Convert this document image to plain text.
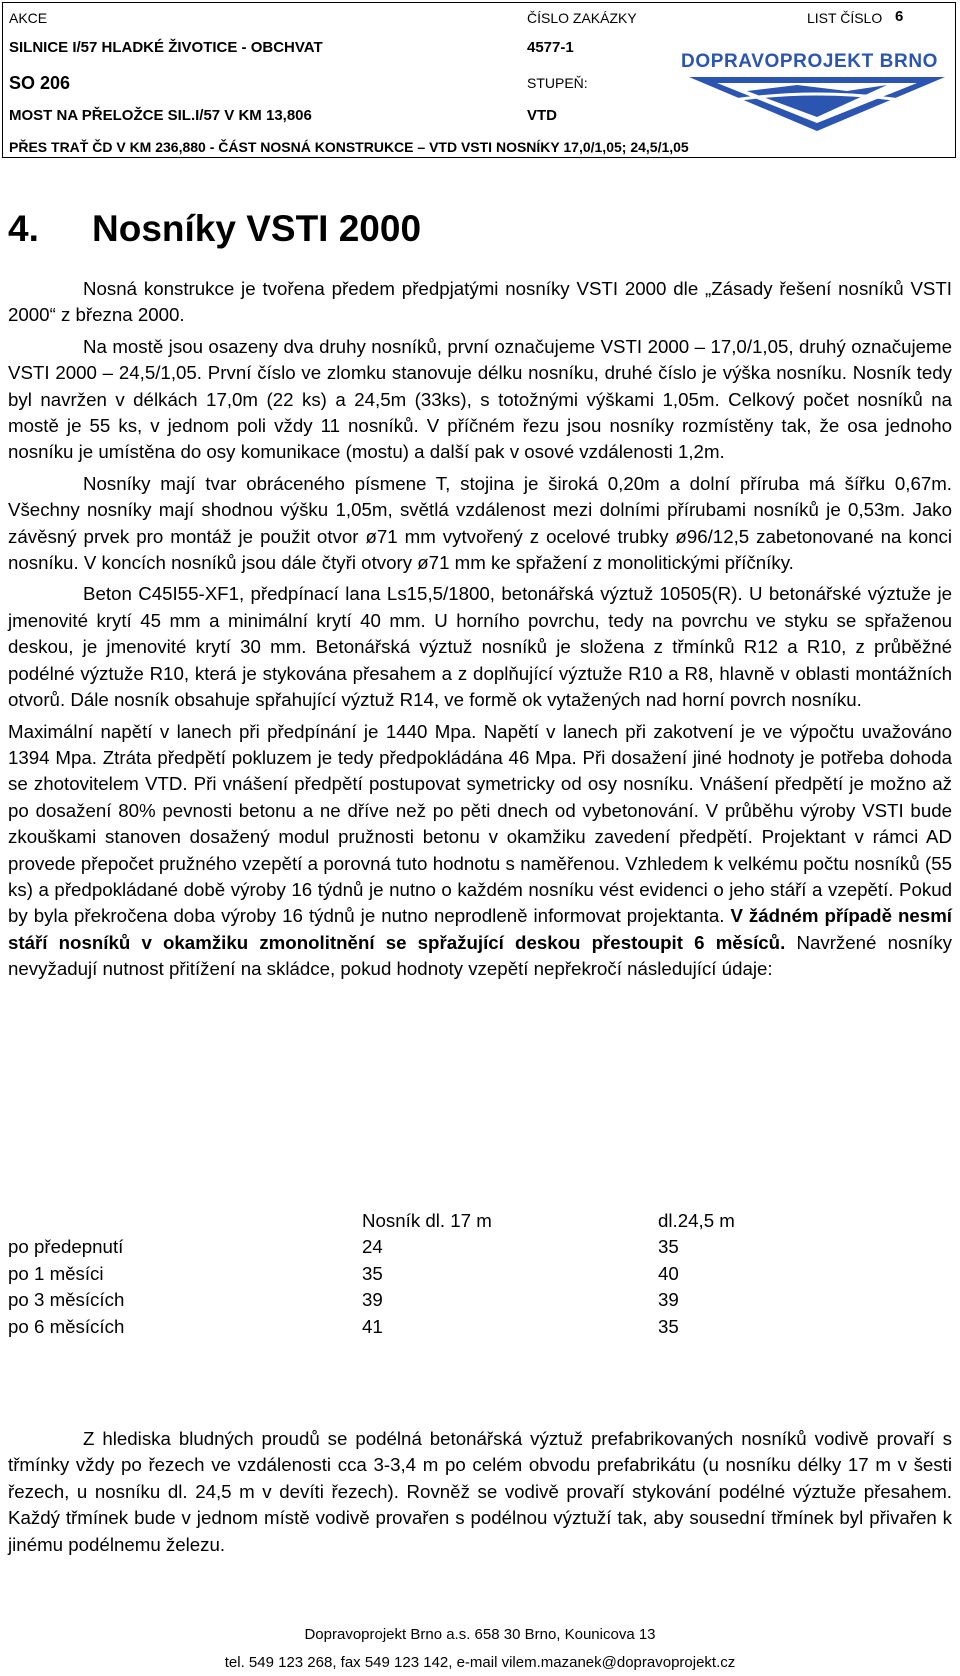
AKCE	ČÍSLO ZAKÁZKY	LIST ČÍSLO 6
SILNICE I/57 HLADKÉ ŽIVOTICE - OBCHVAT	4577-1
SO 206	STUPEŇ:
MOST NA PŘELOŽCE SIL.I/57 V KM 13,806	VTD
PŘES TRAŤ ČD V KM 236,880 - ČÁST NOSNÁ KONSTRUKCE – VTD VSTI NOSNÍKY 17,0/1,05; 24,5/1,05
DOPRAVOPROJEKT BRNO
4. Nosníky VSTI 2000

Nosná konstrukce je tvořena předem předpjatými nosníky VSTI 2000 dle „Zásady řešení nosníků VSTI 2000“ z března 2000.

Na mostě jsou osazeny dva druhy nosníků, první označujeme VSTI 2000 – 17,0/1,05, druhý označujeme VSTI 2000 – 24,5/1,05. První číslo ve zlomku stanovuje délku nosníku, druhé číslo je výška nosníku. Nosník tedy byl navržen v délkách 17,0m (22 ks) a 24,5m (33ks), s totožnými výškami 1,05m. Celkový počet nosníků na mostě je 55 ks, v jednom poli vždy 11 nosníků. V příčném řezu jsou nosníky rozmístěny tak, že osa jednoho nosníku je umístěna do osy komunikace (mostu) a další pak v osové vzdálenosti 1,2m.

Nosníky mají tvar obráceného písmene T, stojina je široká 0,20m a dolní příruba má šířku 0,67m. Všechny nosníky mají shodnou výšku 1,05m, světlá vzdálenost mezi dolními přírubami nosníků je 0,53m. Jako závěsný prvek pro montáž je použit otvor ø71 mm vytvořený z ocelové trubky ø96/12,5 zabetonované na konci nosníku. V koncích nosníků jsou dále čtyři otvory ø71 mm ke spřažení z monolitickými příčníky.

Beton C45I55-XF1, předpínací lana Ls15,5/1800, betonářská výztuž 10505(R). U betonářské výztuže je jmenovité krytí 45 mm a minimální krytí 40 mm. U horního povrchu, tedy na povrchu ve styku se spřaženou deskou, je jmenovité krytí 30 mm. Betonářská výztuž nosníků je složena z třmínků R12 a R10, z průběžné podélné výztuže R10, která je stykována přesahem a z doplňující výztuže R10 a R8, hlavně v oblasti montážních otvorů. Dále nosník obsahuje spřahující výztuž R14, ve formě ok vytažených nad horní povrch nosníku.

Maximální napětí v lanech při předpínání je 1440 Mpa. Napětí v lanech při zakotvení je ve výpočtu uvažováno 1394 Mpa. Ztráta předpětí pokluzem je tedy předpokládána 46 Mpa. Při dosažení jiné hodnoty je potřeba dohoda se zhotovitelem VTD. Při vnášení předpětí postupovat symetricky od osy nosníku. Vnášení předpětí je možno až po dosažení 80% pevnosti betonu a ne dříve než po pěti dnech od vybetonování. V průběhu výroby VSTI bude zkouškami stanoven dosažený modul pružnosti betonu v okamžiku zavedení předpětí. Projektant v rámci AD provede přepočet pružného vzepětí a porovná tuto hodnotu s naměřenou. Vzhledem k velkému počtu nosníků (55 ks) a předpokládané době výroby 16 týdnů je nutno o každém nosníku vést evidenci o jeho stáří a vzepětí. Pokud by byla překročena doba výroby 16 týdnů je nutno neprodleně informovat projektanta. V žádném případě nesmí stáří nosníků v okamžiku zmonolitnění se spřažující deskou přestoupit 6 měsíců. Navržené nosníky nevyžadují nutnost přitížení na skládce, pokud hodnoty vzepětí nepřekročí následující údaje:

	Nosník dl. 17 m	dl.24,5 m
po předepnutí	24	35
po 1 měsíci	35	40
po 3 měsících	39	39
po 6 měsících	41	35

Z hlediska bludných proudů se podélná betonářská výztuž prefabrikovaných nosníků vodivě provaří s třmínky vždy po řezech ve vzdálenosti cca 3-3,4 m po celém obvodu prefabrikátu (u nosníku délky 17 m v šesti řezech, u nosníku dl. 24,5 m v devíti řezech). Rovněž se vodivě provaří stykování podélné výztuže přesahem. Každý třmínek bude v jednom místě vodivě provařen s podélnou výztuží tak, aby sousední třmínek byl přivařen k jinému podélnemu železu.

Dopravoprojekt Brno a.s. 658 30 Brno, Kounicova 13
tel. 549 123 268, fax 549 123 142, e-mail vilem.mazanek@dopravoprojekt.cz
